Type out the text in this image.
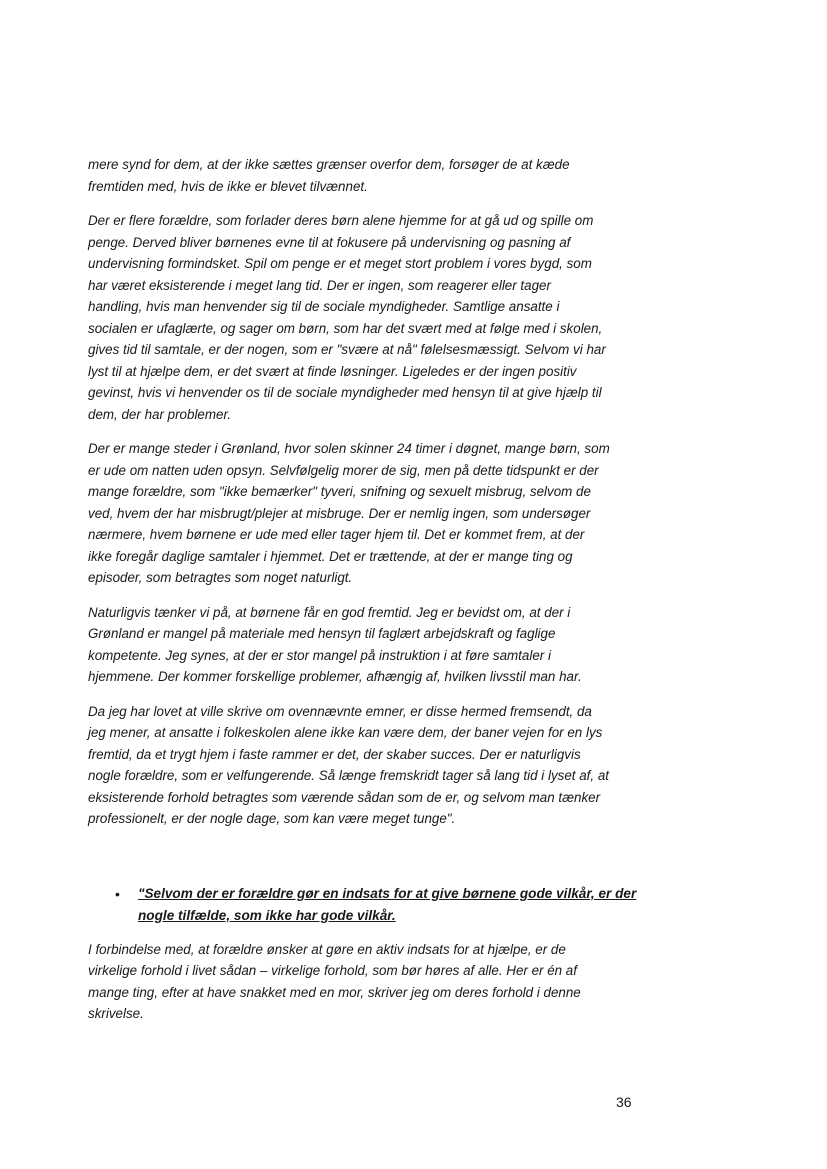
mere synd for dem, at der ikke sættes grænser overfor dem, forsøger de at kæde
fremtiden med, hvis de ikke er blevet tilvænnet.

Der er flere forældre, som forlader deres børn alene hjemme for at gå ud og spille om
penge. Derved bliver børnenes evne til at fokusere på undervisning og pasning af
undervisning formindsket. Spil om penge er et meget stort problem i vores bygd, som
har været eksisterende i meget lang tid. Der er ingen, som reagerer eller tager
handling, hvis man henvender sig til de sociale myndigheder. Samtlige ansatte i
socialen er ufaglærte, og sager om børn, som har det svært med at følge med i skolen,
gives tid til samtale, er der nogen, som er "svære at nå" følelsesmæssigt. Selvom vi har
lyst til at hjælpe dem, er det svært at finde løsninger. Ligeledes er der ingen positiv
gevinst, hvis vi henvender os til de sociale myndigheder med hensyn til at give hjælp til
dem, der har problemer.

Der er mange steder i Grønland, hvor solen skinner 24 timer i døgnet, mange børn, som
er ude om natten uden opsyn. Selvfølgelig morer de sig, men på dette tidspunkt er der
mange forældre, som "ikke bemærker" tyveri, snifning og sexuelt misbrug, selvom de
ved, hvem der har misbrugt/plejer at misbruge. Der er nemlig ingen, som undersøger
nærmere, hvem børnene er ude med eller tager hjem til. Det er kommet frem, at der
ikke foregår daglige samtaler i hjemmet. Det er trættende, at der er mange ting og
episoder, som betragtes som noget naturligt.

Naturligvis tænker vi på, at børnene får en god fremtid. Jeg er bevidst om, at der i
Grønland er mangel på materiale med hensyn til faglært arbejdskraft og faglige
kompetente. Jeg synes, at der er stor mangel på instruktion i at føre samtaler i
hjemmene. Der kommer forskellige problemer, afhængig af, hvilken livsstil man har.

Da jeg har lovet at ville skrive om ovennævnte emner, er disse hermed fremsendt, da
jeg mener, at ansatte i folkeskolen alene ikke kan være dem, der baner vejen for en lys
fremtid, da et trygt hjem i faste rammer er det, der skaber succes. Der er naturligvis
nogle forældre, som er velfungerende. Så længe fremskridt tager så lang tid i lyset af, at
eksisterende forhold betragtes som værende sådan som de er, og selvom man tænker
professionelt, er der nogle dage, som kan være meget tunge".

• "Selvom der er forældre gør en indsats for at give børnene gode vilkår, er der
nogle tilfælde, som ikke har gode vilkår.

I forbindelse med, at forældre ønsker at gøre en aktiv indsats for at hjælpe, er de
virkelige forhold i livet sådan – virkelige forhold, som bør høres af alle. Her er én af
mange ting, efter at have snakket med en mor, skriver jeg om deres forhold i denne
skrivelse.

36
